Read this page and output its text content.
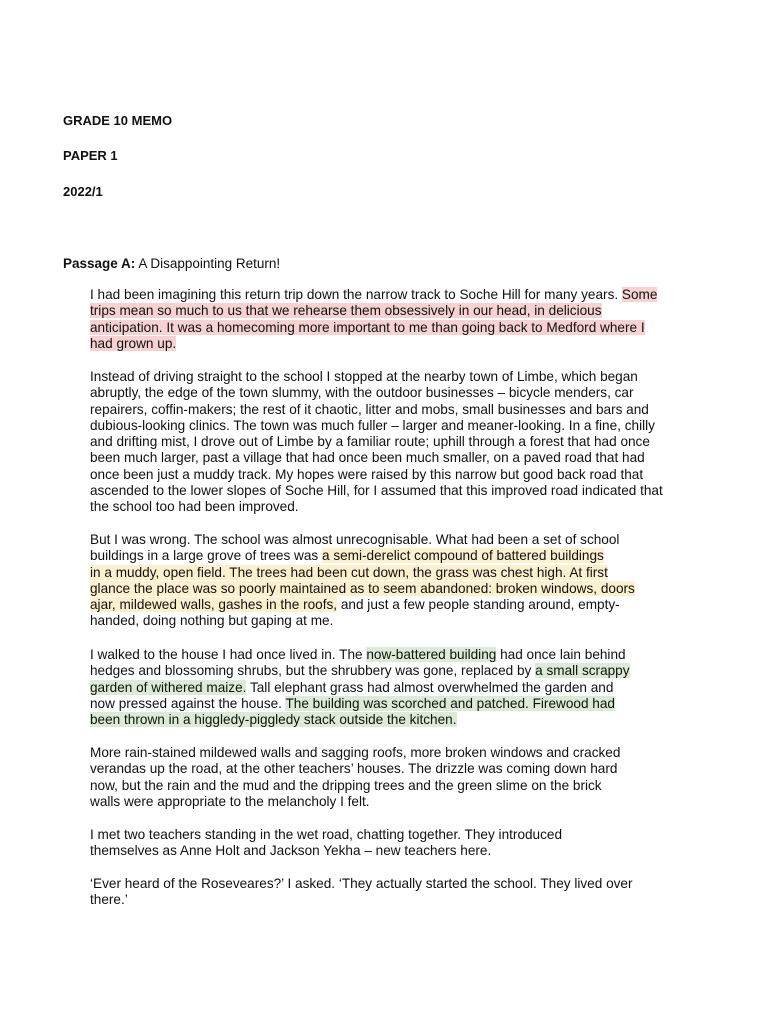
GRADE 10 MEMO
PAPER 1
2022/1
Passage A: A Disappointing Return!
I had been imagining this return trip down the narrow track to Soche Hill for many years. Some
trips mean so much to us that we rehearse them obsessively in our head, in delicious
anticipation. It was a homecoming more important to me than going back to Medford where I
had grown up.
Instead of driving straight to the school I stopped at the nearby town of Limbe, which began
abruptly, the edge of the town slummy, with the outdoor businesses – bicycle menders, car
repairers, coffin-makers; the rest of it chaotic, litter and mobs, small businesses and bars and
dubious-looking clinics. The town was much fuller – larger and meaner-looking. In a fine, chilly
and drifting mist, I drove out of Limbe by a familiar route; uphill through a forest that had once
been much larger, past a village that had once been much smaller, on a paved road that had
once been just a muddy track. My hopes were raised by this narrow but good back road that
ascended to the lower slopes of Soche Hill, for I assumed that this improved road indicated that
the school too had been improved.
But I was wrong. The school was almost unrecognisable. What had been a set of school
buildings in a large grove of trees was a semi-derelict compound of battered buildings
in a muddy, open field. The trees had been cut down, the grass was chest high. At first
glance the place was so poorly maintained as to seem abandoned: broken windows, doors
ajar, mildewed walls, gashes in the roofs, and just a few people standing around, empty-
handed, doing nothing but gaping at me.
I walked to the house I had once lived in. The now-battered building had once lain behind
hedges and blossoming shrubs, but the shrubbery was gone, replaced by a small scrappy
garden of withered maize. Tall elephant grass had almost overwhelmed the garden and
now pressed against the house. The building was scorched and patched. Firewood had
been thrown in a higgledy-piggledy stack outside the kitchen.
More rain-stained mildewed walls and sagging roofs, more broken windows and cracked
verandas up the road, at the other teachers’ houses. The drizzle was coming down hard
now, but the rain and the mud and the dripping trees and the green slime on the brick
walls were appropriate to the melancholy I felt.
I met two teachers standing in the wet road, chatting together. They introduced
themselves as Anne Holt and Jackson Yekha – new teachers here.
‘Ever heard of the Roseveares?’ I asked. ‘They actually started the school. They lived over
there.’
